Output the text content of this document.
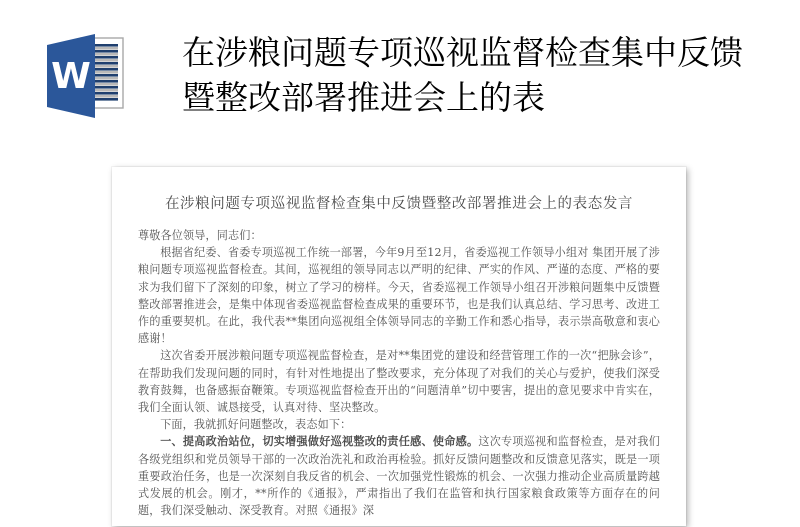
W
在涉粮问题专项巡视监督检查集中反馈暨整改部署推进会上的表
在涉粮问题专项巡视监督检查集中反馈暨整改部署推进会上的表态发言

尊敬各位领导，同志们：

根据省纪委、省委专项巡视工作统一部署，今年9月至12月，省委巡视工作领导小组对 集团开展了涉粮问题专项巡视监督检查。其间，巡视组的领导同志以严明的纪律、严实的作风、严谨的态度、严格的要求为我们留下了深刻的印象，树立了学习的榜样。今天，省委巡视工作领导小组召开涉粮问题集中反馈暨整改部署推进会，是集中体现省委巡视监督检查成果的重要环节，也是我们认真总结、学习思考、改进工作的重要契机。在此，我代表**集团向巡视组全体领导同志的辛勤工作和悉心指导，表示崇高敬意和衷心感谢！

这次省委开展涉粮问题专项巡视监督检查，是对**集团党的建设和经营管理工作的一次“把脉会诊”，在帮助我们发现问题的同时，有针对性地提出了整改要求，充分体现了对我们的关心与爱护，使我们深受教育鼓舞，也备感振奋鞭策。专项巡视监督检查开出的“问题清单”切中要害，提出的意见要求中肯实在，我们全面认领、诚恳接受，认真对待、坚决整改。

下面，我就抓好问题整改，表态如下：

一、提高政治站位，切实增强做好巡视整改的责任感、使命感。这次专项巡视和监督检查，是对我们各级党组织和党员领导干部的一次政治洗礼和政治再检验。抓好反馈问题整改和反馈意见落实，既是一项重要政治任务，也是一次深刻自我反省的机会、一次加强党性锻炼的机会、一次强力推动企业高质量跨越式发展的机会。刚才，**所作的《通报》，严肃指出了我们在监管和执行国家粮食政策等方面存在的问题，我们深受触动、深受教育。对照《通报》深
